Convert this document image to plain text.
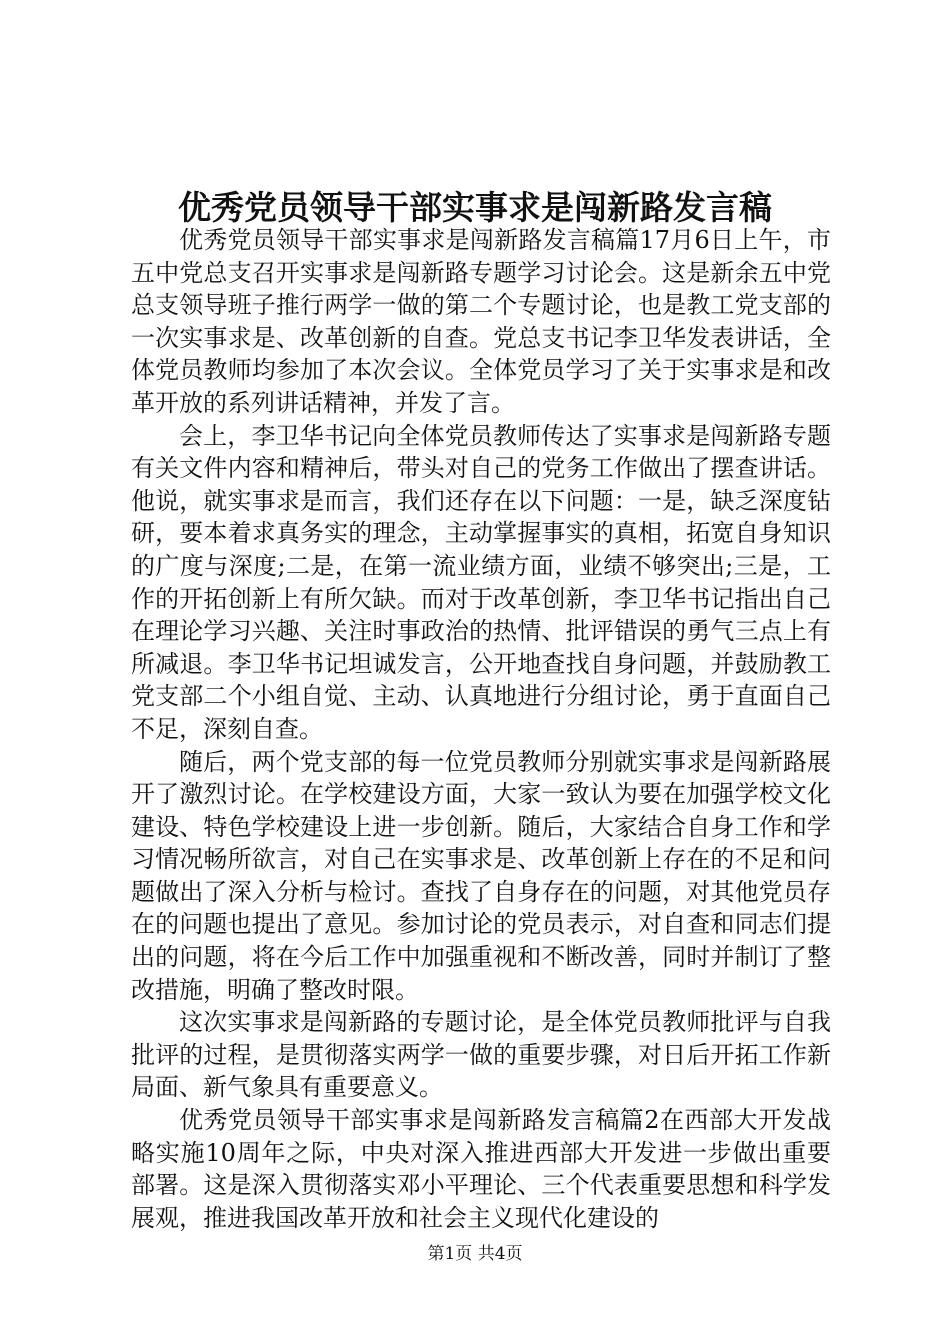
优秀党员领导干部实事求是闯新路发言稿

优秀党员领导干部实事求是闯新路发言稿篇17月6日上午，市五中党总支召开实事求是闯新路专题学习讨论会。这是新余五中党总支领导班子推行两学一做的第二个专题讨论，也是教工党支部的一次实事求是、改革创新的自查。党总支书记李卫华发表讲话，全体党员教师均参加了本次会议。全体党员学习了关于实事求是和改革开放的系列讲话精神，并发了言。

会上，李卫华书记向全体党员教师传达了实事求是闯新路专题有关文件内容和精神后，带头对自己的党务工作做出了摆查讲话。他说，就实事求是而言，我们还存在以下问题：一是，缺乏深度钻研，要本着求真务实的理念，主动掌握事实的真相，拓宽自身知识的广度与深度;二是，在第一流业绩方面，业绩不够突出;三是，工作的开拓创新上有所欠缺。而对于改革创新，李卫华书记指出自己在理论学习兴趣、关注时事政治的热情、批评错误的勇气三点上有所减退。李卫华书记坦诚发言，公开地查找自身问题，并鼓励教工党支部二个小组自觉、主动、认真地进行分组讨论，勇于直面自己不足，深刻自查。

随后，两个党支部的每一位党员教师分别就实事求是闯新路展开了激烈讨论。在学校建设方面，大家一致认为要在加强学校文化建设、特色学校建设上进一步创新。随后，大家结合自身工作和学习情况畅所欲言，对自己在实事求是、改革创新上存在的不足和问题做出了深入分析与检讨。查找了自身存在的问题，对其他党员存在的问题也提出了意见。参加讨论的党员表示，对自查和同志们提出的问题，将在今后工作中加强重视和不断改善，同时并制订了整改措施，明确了整改时限。

这次实事求是闯新路的专题讨论，是全体党员教师批评与自我批评的过程，是贯彻落实两学一做的重要步骤，对日后开拓工作新局面、新气象具有重要意义。

优秀党员领导干部实事求是闯新路发言稿篇2在西部大开发战略实施10周年之际，中央对深入推进西部大开发进一步做出重要部署。这是深入贯彻落实邓小平理论、三个代表重要思想和科学发展观，推进我国改革开放和社会主义现代化建设的

第1页 共4页
